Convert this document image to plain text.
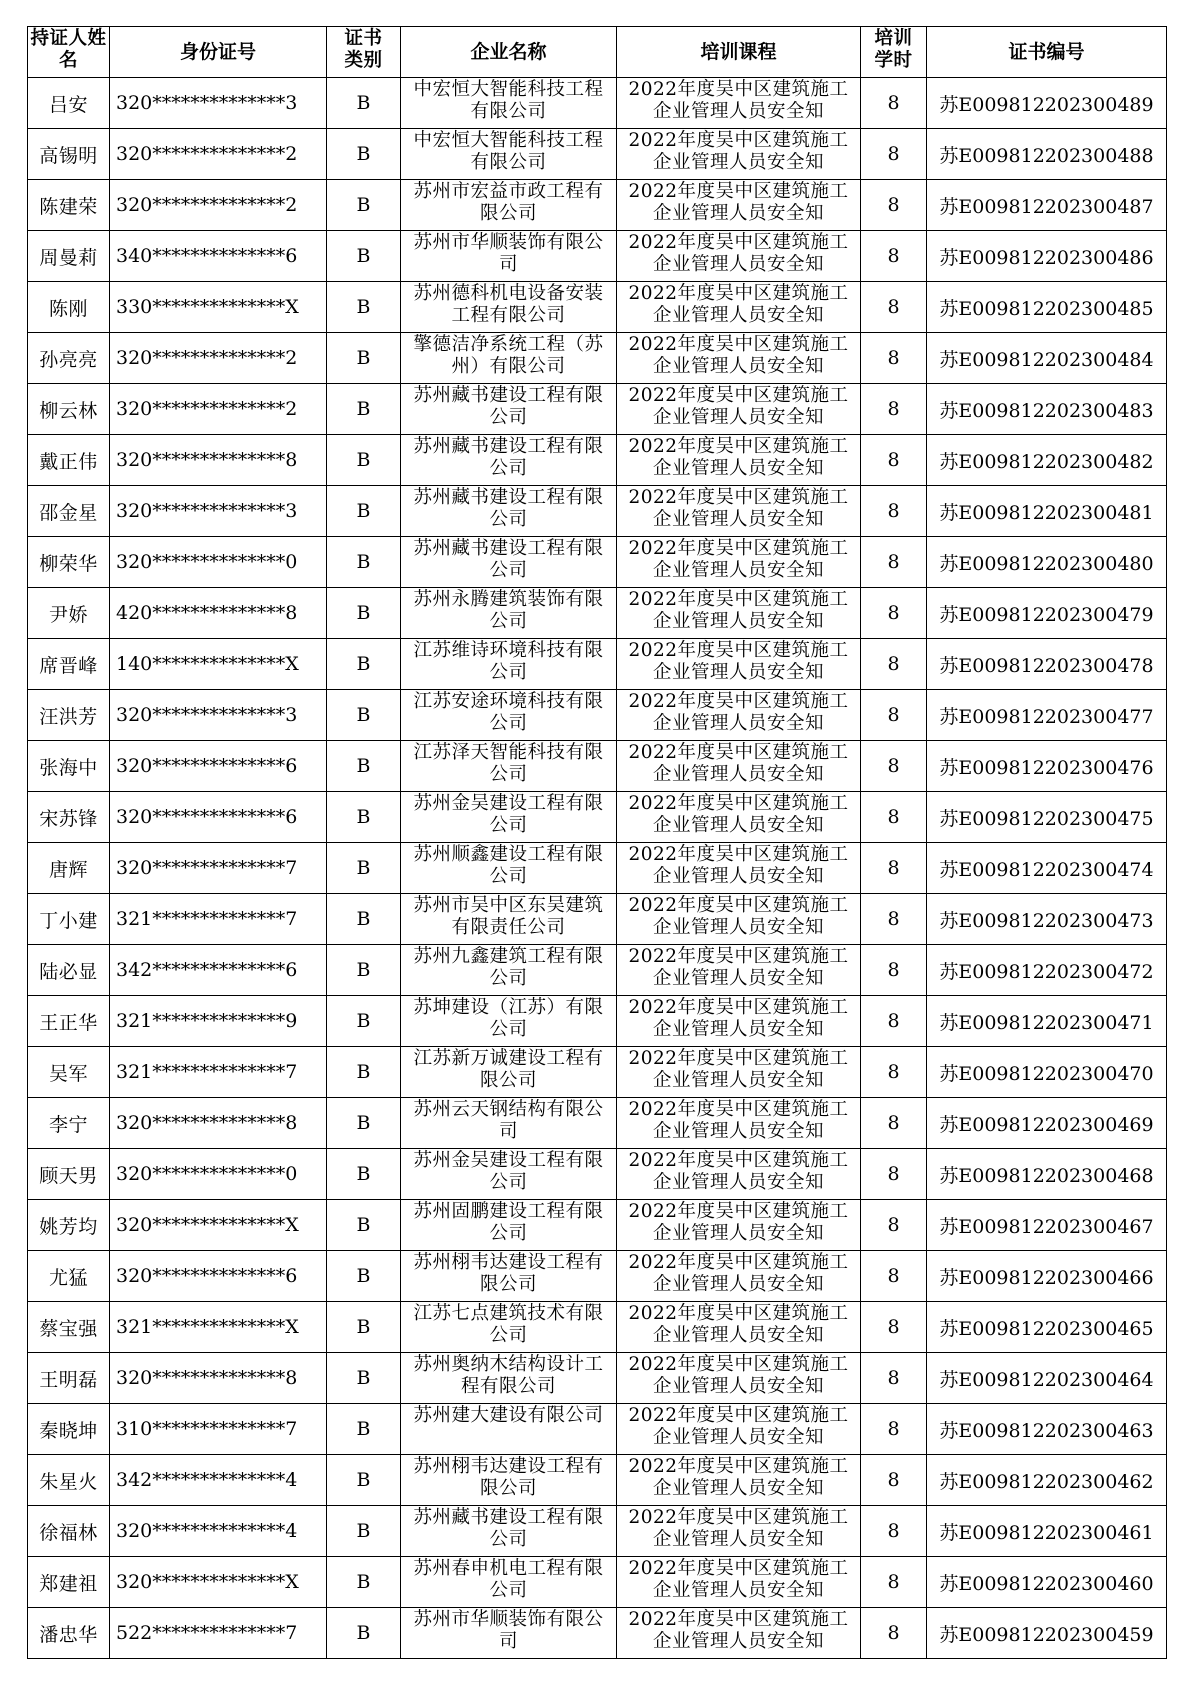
持证人姓名	身份证号	证书类别	企业名称	培训课程	培训学时	证书编号
吕安	320**************3	B	中宏恒大智能科技工程有限公司	2022年度吴中区建筑施工企业管理人员安全知	8	苏E009812202300489
高锡明	320**************2	B	中宏恒大智能科技工程有限公司	2022年度吴中区建筑施工企业管理人员安全知	8	苏E009812202300488
陈建荣	320**************2	B	苏州市宏益市政工程有限公司	2022年度吴中区建筑施工企业管理人员安全知	8	苏E009812202300487
周曼莉	340**************6	B	苏州市华顺装饰有限公司	2022年度吴中区建筑施工企业管理人员安全知	8	苏E009812202300486
陈刚	330**************X	B	苏州德科机电设备安装工程有限公司	2022年度吴中区建筑施工企业管理人员安全知	8	苏E009812202300485
孙亮亮	320**************2	B	擎德洁净系统工程（苏州）有限公司	2022年度吴中区建筑施工企业管理人员安全知	8	苏E009812202300484
柳云林	320**************2	B	苏州藏书建设工程有限公司	2022年度吴中区建筑施工企业管理人员安全知	8	苏E009812202300483
戴正伟	320**************8	B	苏州藏书建设工程有限公司	2022年度吴中区建筑施工企业管理人员安全知	8	苏E009812202300482
邵金星	320**************3	B	苏州藏书建设工程有限公司	2022年度吴中区建筑施工企业管理人员安全知	8	苏E009812202300481
柳荣华	320**************0	B	苏州藏书建设工程有限公司	2022年度吴中区建筑施工企业管理人员安全知	8	苏E009812202300480
尹娇	420**************8	B	苏州永腾建筑装饰有限公司	2022年度吴中区建筑施工企业管理人员安全知	8	苏E009812202300479
席晋峰	140**************X	B	江苏维诗环境科技有限公司	2022年度吴中区建筑施工企业管理人员安全知	8	苏E009812202300478
汪洪芳	320**************3	B	江苏安途环境科技有限公司	2022年度吴中区建筑施工企业管理人员安全知	8	苏E009812202300477
张海中	320**************6	B	江苏泽天智能科技有限公司	2022年度吴中区建筑施工企业管理人员安全知	8	苏E009812202300476
宋苏锋	320**************6	B	苏州金吴建设工程有限公司	2022年度吴中区建筑施工企业管理人员安全知	8	苏E009812202300475
唐辉	320**************7	B	苏州顺鑫建设工程有限公司	2022年度吴中区建筑施工企业管理人员安全知	8	苏E009812202300474
丁小建	321**************7	B	苏州市吴中区东吴建筑有限责任公司	2022年度吴中区建筑施工企业管理人员安全知	8	苏E009812202300473
陆必显	342**************6	B	苏州九鑫建筑工程有限公司	2022年度吴中区建筑施工企业管理人员安全知	8	苏E009812202300472
王正华	321**************9	B	苏坤建设（江苏）有限公司	2022年度吴中区建筑施工企业管理人员安全知	8	苏E009812202300471
吴军	321**************7	B	江苏新万诚建设工程有限公司	2022年度吴中区建筑施工企业管理人员安全知	8	苏E009812202300470
李宁	320**************8	B	苏州云天钢结构有限公司	2022年度吴中区建筑施工企业管理人员安全知	8	苏E009812202300469
顾天男	320**************0	B	苏州金吴建设工程有限公司	2022年度吴中区建筑施工企业管理人员安全知	8	苏E009812202300468
姚芳均	320**************X	B	苏州固鹏建设工程有限公司	2022年度吴中区建筑施工企业管理人员安全知	8	苏E009812202300467
尤猛	320**************6	B	苏州栩韦达建设工程有限公司	2022年度吴中区建筑施工企业管理人员安全知	8	苏E009812202300466
蔡宝强	321**************X	B	江苏七点建筑技术有限公司	2022年度吴中区建筑施工企业管理人员安全知	8	苏E009812202300465
王明磊	320**************8	B	苏州奥纳木结构设计工程有限公司	2022年度吴中区建筑施工企业管理人员安全知	8	苏E009812202300464
秦晓坤	310**************7	B	苏州建大建设有限公司	2022年度吴中区建筑施工企业管理人员安全知	8	苏E009812202300463
朱星火	342**************4	B	苏州栩韦达建设工程有限公司	2022年度吴中区建筑施工企业管理人员安全知	8	苏E009812202300462
徐福林	320**************4	B	苏州藏书建设工程有限公司	2022年度吴中区建筑施工企业管理人员安全知	8	苏E009812202300461
郑建祖	320**************X	B	苏州春申机电工程有限公司	2022年度吴中区建筑施工企业管理人员安全知	8	苏E009812202300460
潘忠华	522**************7	B	苏州市华顺装饰有限公司	2022年度吴中区建筑施工企业管理人员安全知	8	苏E009812202300459
